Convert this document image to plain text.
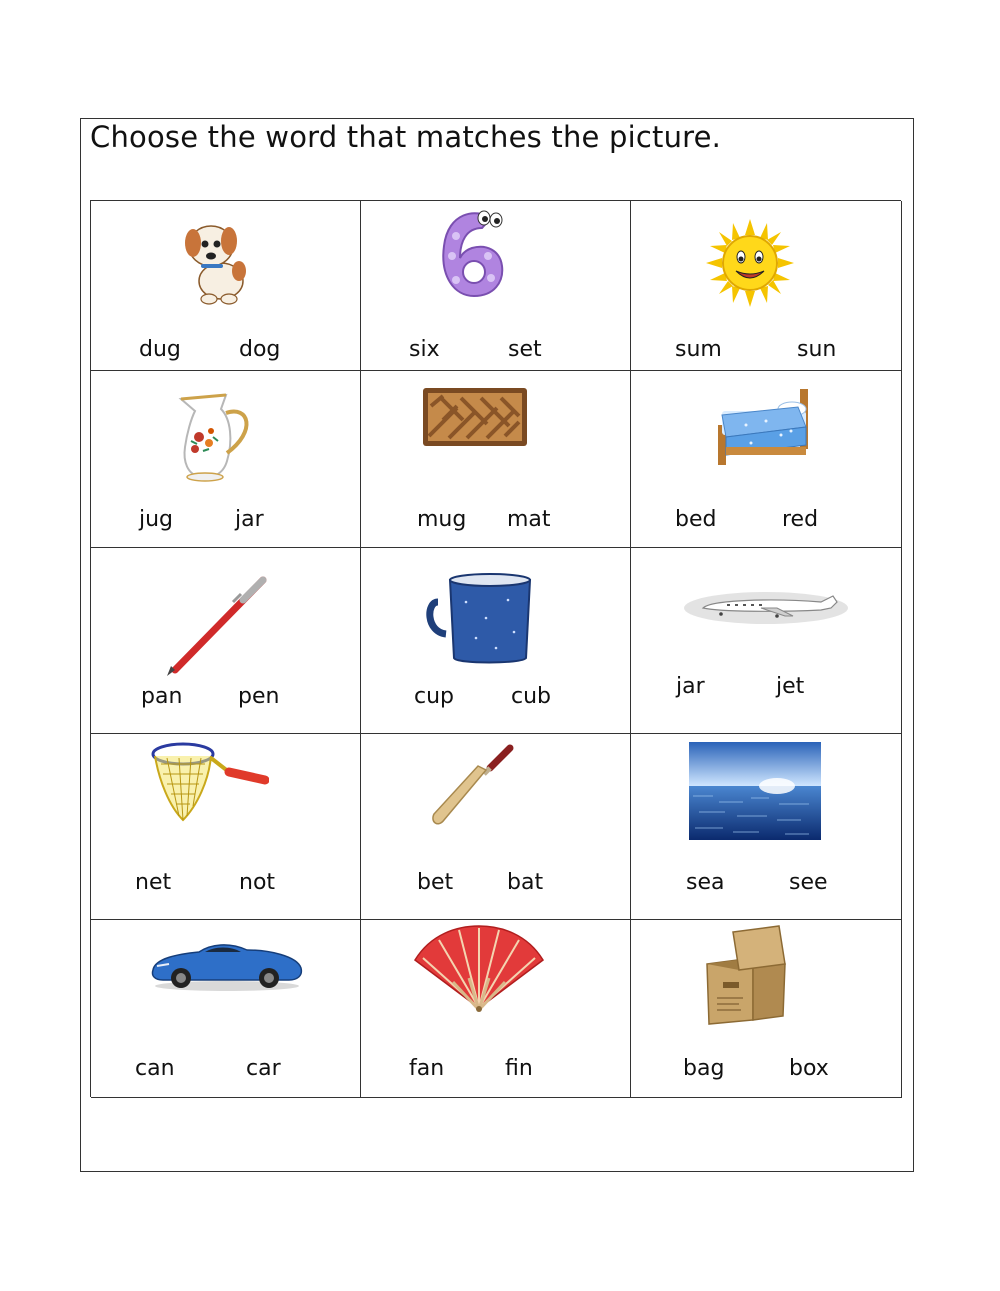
Choose the word that matches the picture.
dug	dog	six	set	sum	sun
jug	jar	mug mat	bed	red
pan	pen	cup	cub	jar	jet
net	not	bet bat	sea	see
can	car	fan	fin	bag	box
